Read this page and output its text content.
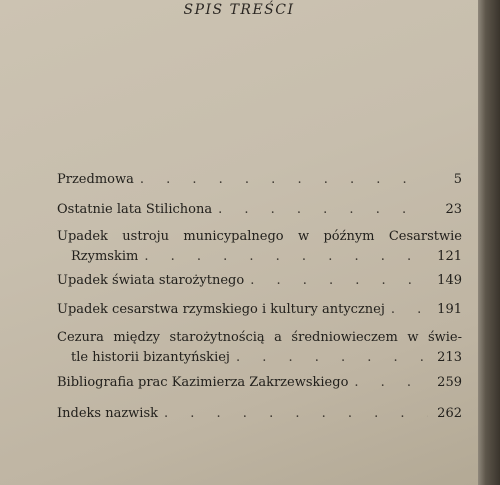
SPIS TREŚCI
Przedmowa . . .	5
Ostatnie lata Stilichona . . .	23
Upadek ustroju municypalnego w późnym Cesarstwie
Rzymskim . . .	121
Upadek świata starożytnego . . .	149
Upadek cesarstwa rzymskiego i kultury antycznej . . .	191
Cezura między starożytnością a średniowieczem w świe-
tle historii bizantyńskiej . . .	213
Bibliografia prac Kazimierza Zakrzewskiego . . .	259
Indeks nazwisk . . .	262
